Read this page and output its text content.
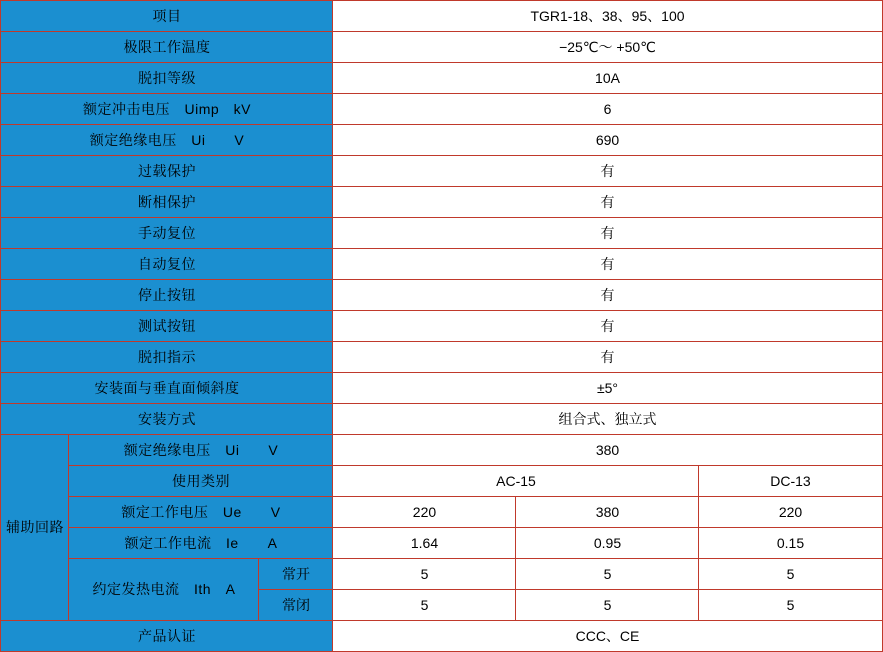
项目			TGR1-18、38、95、100		
极限工作温度			−25℃～ +50℃		
脱扣等级			10A		
额定冲击电压　Uimp　kV			6		
额定绝缘电压　Ui　　V			690		
过载保护			有		
断相保护			有		
手动复位			有		
自动复位			有		
停止按钮			有		
测试按钮			有		
脱扣指示			有		
安装面与垂直面倾斜度			±5°		
安装方式			组合式、独立式		
辅助回路	额定绝缘电压　Ui　　V		380		
	使用类别		AC-15		DC-13
	额定工作电压　Ue　　V		220	380	220
	额定工作电流　Ie　　A		1.64	0.95	0.15
	约定发热电流　Ith　A	常开	5	5	5
		常闭	5	5	5
产品认证			CCC、CE		
